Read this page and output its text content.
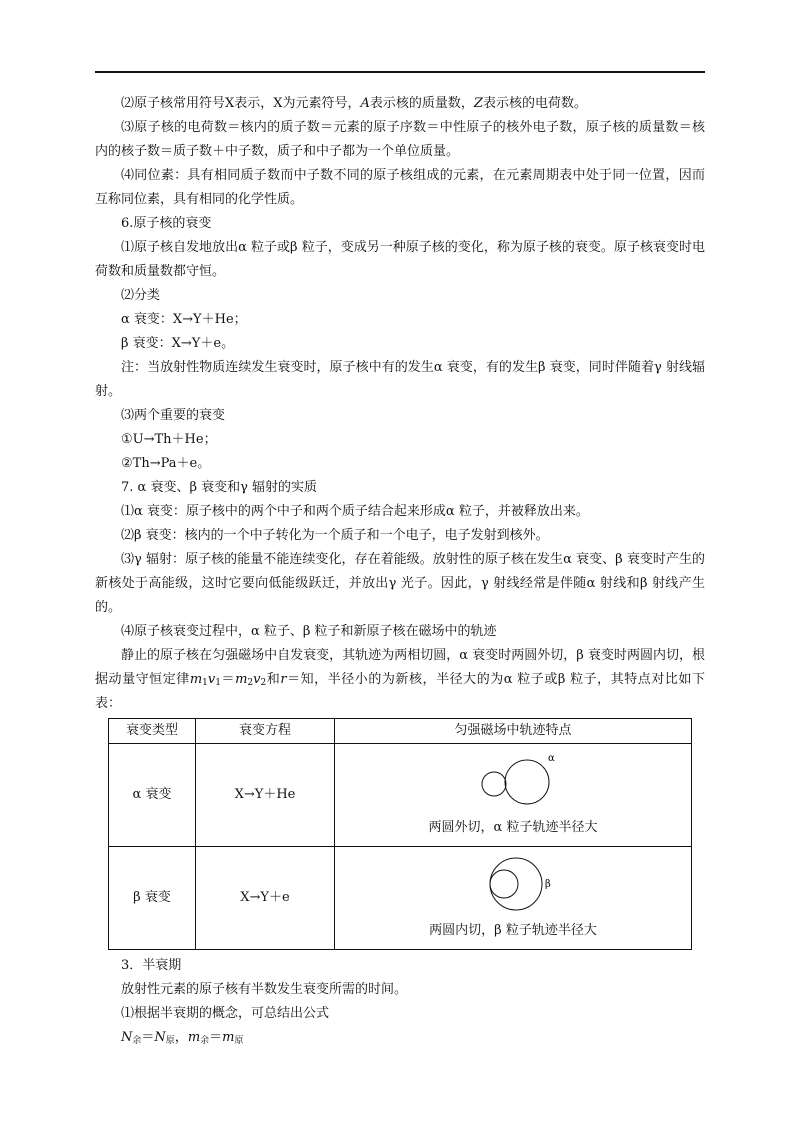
⑵原子核常用符号X表示，X为元素符号，A表示核的质量数，Z表示核的电荷数。

⑶原子核的电荷数＝核内的质子数＝元素的原子序数＝中性原子的核外电子数，原子核的质量数＝核内的核子数＝质子数＋中子数，质子和中子都为一个单位质量。

⑷同位素：具有相同质子数而中子数不同的原子核组成的元素，在元素周期表中处于同一位置，因而互称同位素，具有相同的化学性质。

6.原子核的衰变

⑴原子核自发地放出α 粒子或β 粒子，变成另一种原子核的变化，称为原子核的衰变。原子核衰变时电荷数和质量数都守恒。

⑵分类

α 衰变：X→Y＋He；

β 衰变：X→Y＋e。

注：当放射性物质连续发生衰变时，原子核中有的发生α 衰变，有的发生β 衰变，同时伴随着γ 射线辐射。

⑶两个重要的衰变

①U→Th＋He；

②Th→Pa＋e。

7. α 衰变、β 衰变和γ 辐射的实质

⑴α 衰变：原子核中的两个中子和两个质子结合起来形成α 粒子，并被释放出来。

⑵β 衰变：核内的一个中子转化为一个质子和一个电子，电子发射到核外。

⑶γ 辐射：原子核的能量不能连续变化，存在着能级。放射性的原子核在发生α 衰变、β 衰变时产生的新核处于高能级，这时它要向低能级跃迁，并放出γ 光子。因此，γ 射线经常是伴随α 射线和β 射线产生的。

⑷原子核衰变过程中，α 粒子、β 粒子和新原子核在磁场中的轨迹

静止的原子核在匀强磁场中自发衰变，其轨迹为两相切圆，α 衰变时两圆外切，β 衰变时两圆内切，根据动量守恒定律$m_1v_1=m_2v_2$和r＝知，半径小的为新核，半径大的为α 粒子或β 粒子，其特点对比如下表：

衰变类型	衰变方程	匀强磁场中轨迹特点
α 衰变	X→Y＋He	α
两圆外切，α 粒子轨迹半径大

β 衰变	X→Y＋e	β
两圆内切，β 粒子轨迹半径大

3．半衰期

放射性元素的原子核有半数发生衰变所需的时间。

⑴根据半衰期的概念，可总结出公式

$N_余=N_原$，$m_余=m_原$
